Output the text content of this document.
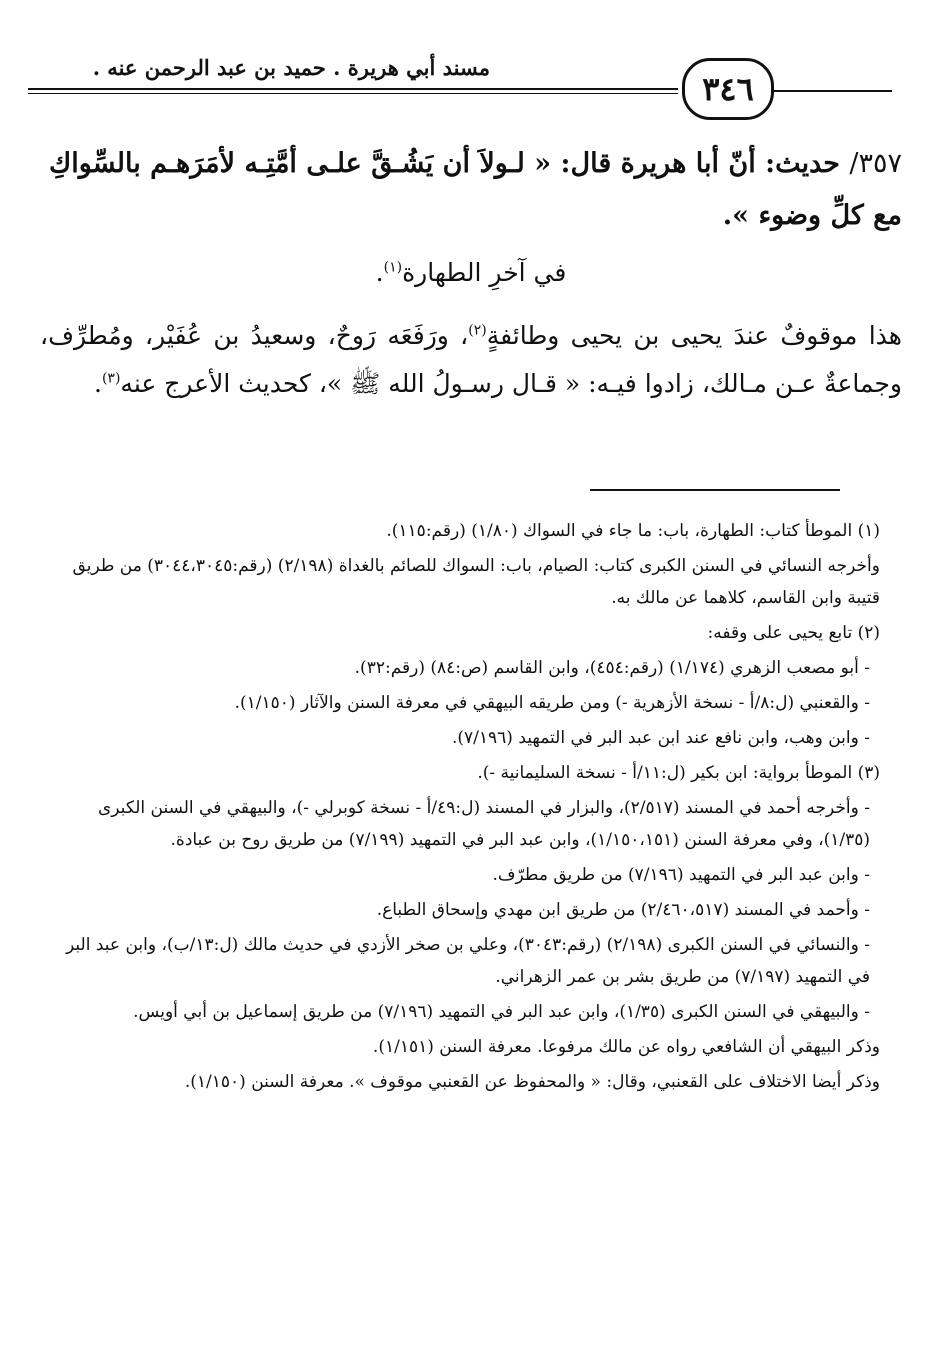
مسند أبي هريرة . حميد بن عبد الرحمن عنه .
٣٤٦
٣٥٧/ حديث: أنّ أبا هريرة قال: « لـولاَ أن يَشُـقَّ علـى أمَّتِـه لأمَرَهـم بالسِّواكِ مع كلِّ وضوء ».
في آخرِ الطهارة$^{(١)}$.
هذا موقوفٌ عندَ يحيى بن يحيى وطائفةٍ$^{(٢)}$، ورَفَعَه رَوحٌ، وسعيدُ بن عُفَيْر، ومُطرِّف، وجماعةٌ عـن مـالك، زادوا فيـه: « قـال رسـولُ الله ﷺ »، كحديث الأعرج عنه$^{(٣)}$.

(١) الموطأ كتاب: الطهارة، باب: ما جاء في السواك (١/٨٠) (رقم:١١٥).

وأخرجه النسائي في السنن الكبرى كتاب: الصيام، باب: السواك للصائم بالغداة (٢/١٩٨) (رقم:٣٠٤٤،٣٠٤٥) من طريق قتيبة وابن القاسم، كلاهما عن مالك به.

(٢) تابع يحيى على وقفه:

- أبو مصعب الزهري (١/١٧٤) (رقم:٤٥٤)، وابن القاسم (ص:٨٤) (رقم:٣٢).

- والقعنبي (ل:٨/أ - نسخة الأزهرية -) ومن طريقه البيهقي في معرفة السنن والآثار (١/١٥٠).

- وابن وهب، وابن نافع عند ابن عبد البر في التمهيد (٧/١٩٦).

(٣) الموطأ برواية: ابن بكير (ل:١١/أ - نسخة السليمانية -).

- وأخرجه أحمد في المسند (٢/٥١٧)، والبزار في المسند (ل:٤٩/أ - نسخة كوبرلي -)، والبيهقي في السنن الكبرى (١/٣٥)، وفي معرفة السنن (١/١٥٠،١٥١)، وابن عبد البر في التمهيد (٧/١٩٩) من طريق روح بن عبادة.

- وابن عبد البر في التمهيد (٧/١٩٦) من طريق مطرّف.

- وأحمد في المسند (٢/٤٦٠،٥١٧) من طريق ابن مهدي وإسحاق الطباع.

- والنسائي في السنن الكبرى (٢/١٩٨) (رقم:٣٠٤٣)، وعلي بن صخر الأزدي في حديث مالك (ل:١٣/ب)، وابن عبد البر في التمهيد (٧/١٩٧) من طريق بشر بن عمر الزهراني.

- والبيهقي في السنن الكبرى (١/٣٥)، وابن عبد البر في التمهيد (٧/١٩٦) من طريق إسماعيل بن أبي أويس.

وذكر البيهقي أن الشافعي رواه عن مالك مرفوعا. معرفة السنن (١/١٥١).

وذكر أيضا الاختلاف على القعنبي، وقال: « والمحفوظ عن القعنبي موقوف ». معرفة السنن (١/١٥٠).
